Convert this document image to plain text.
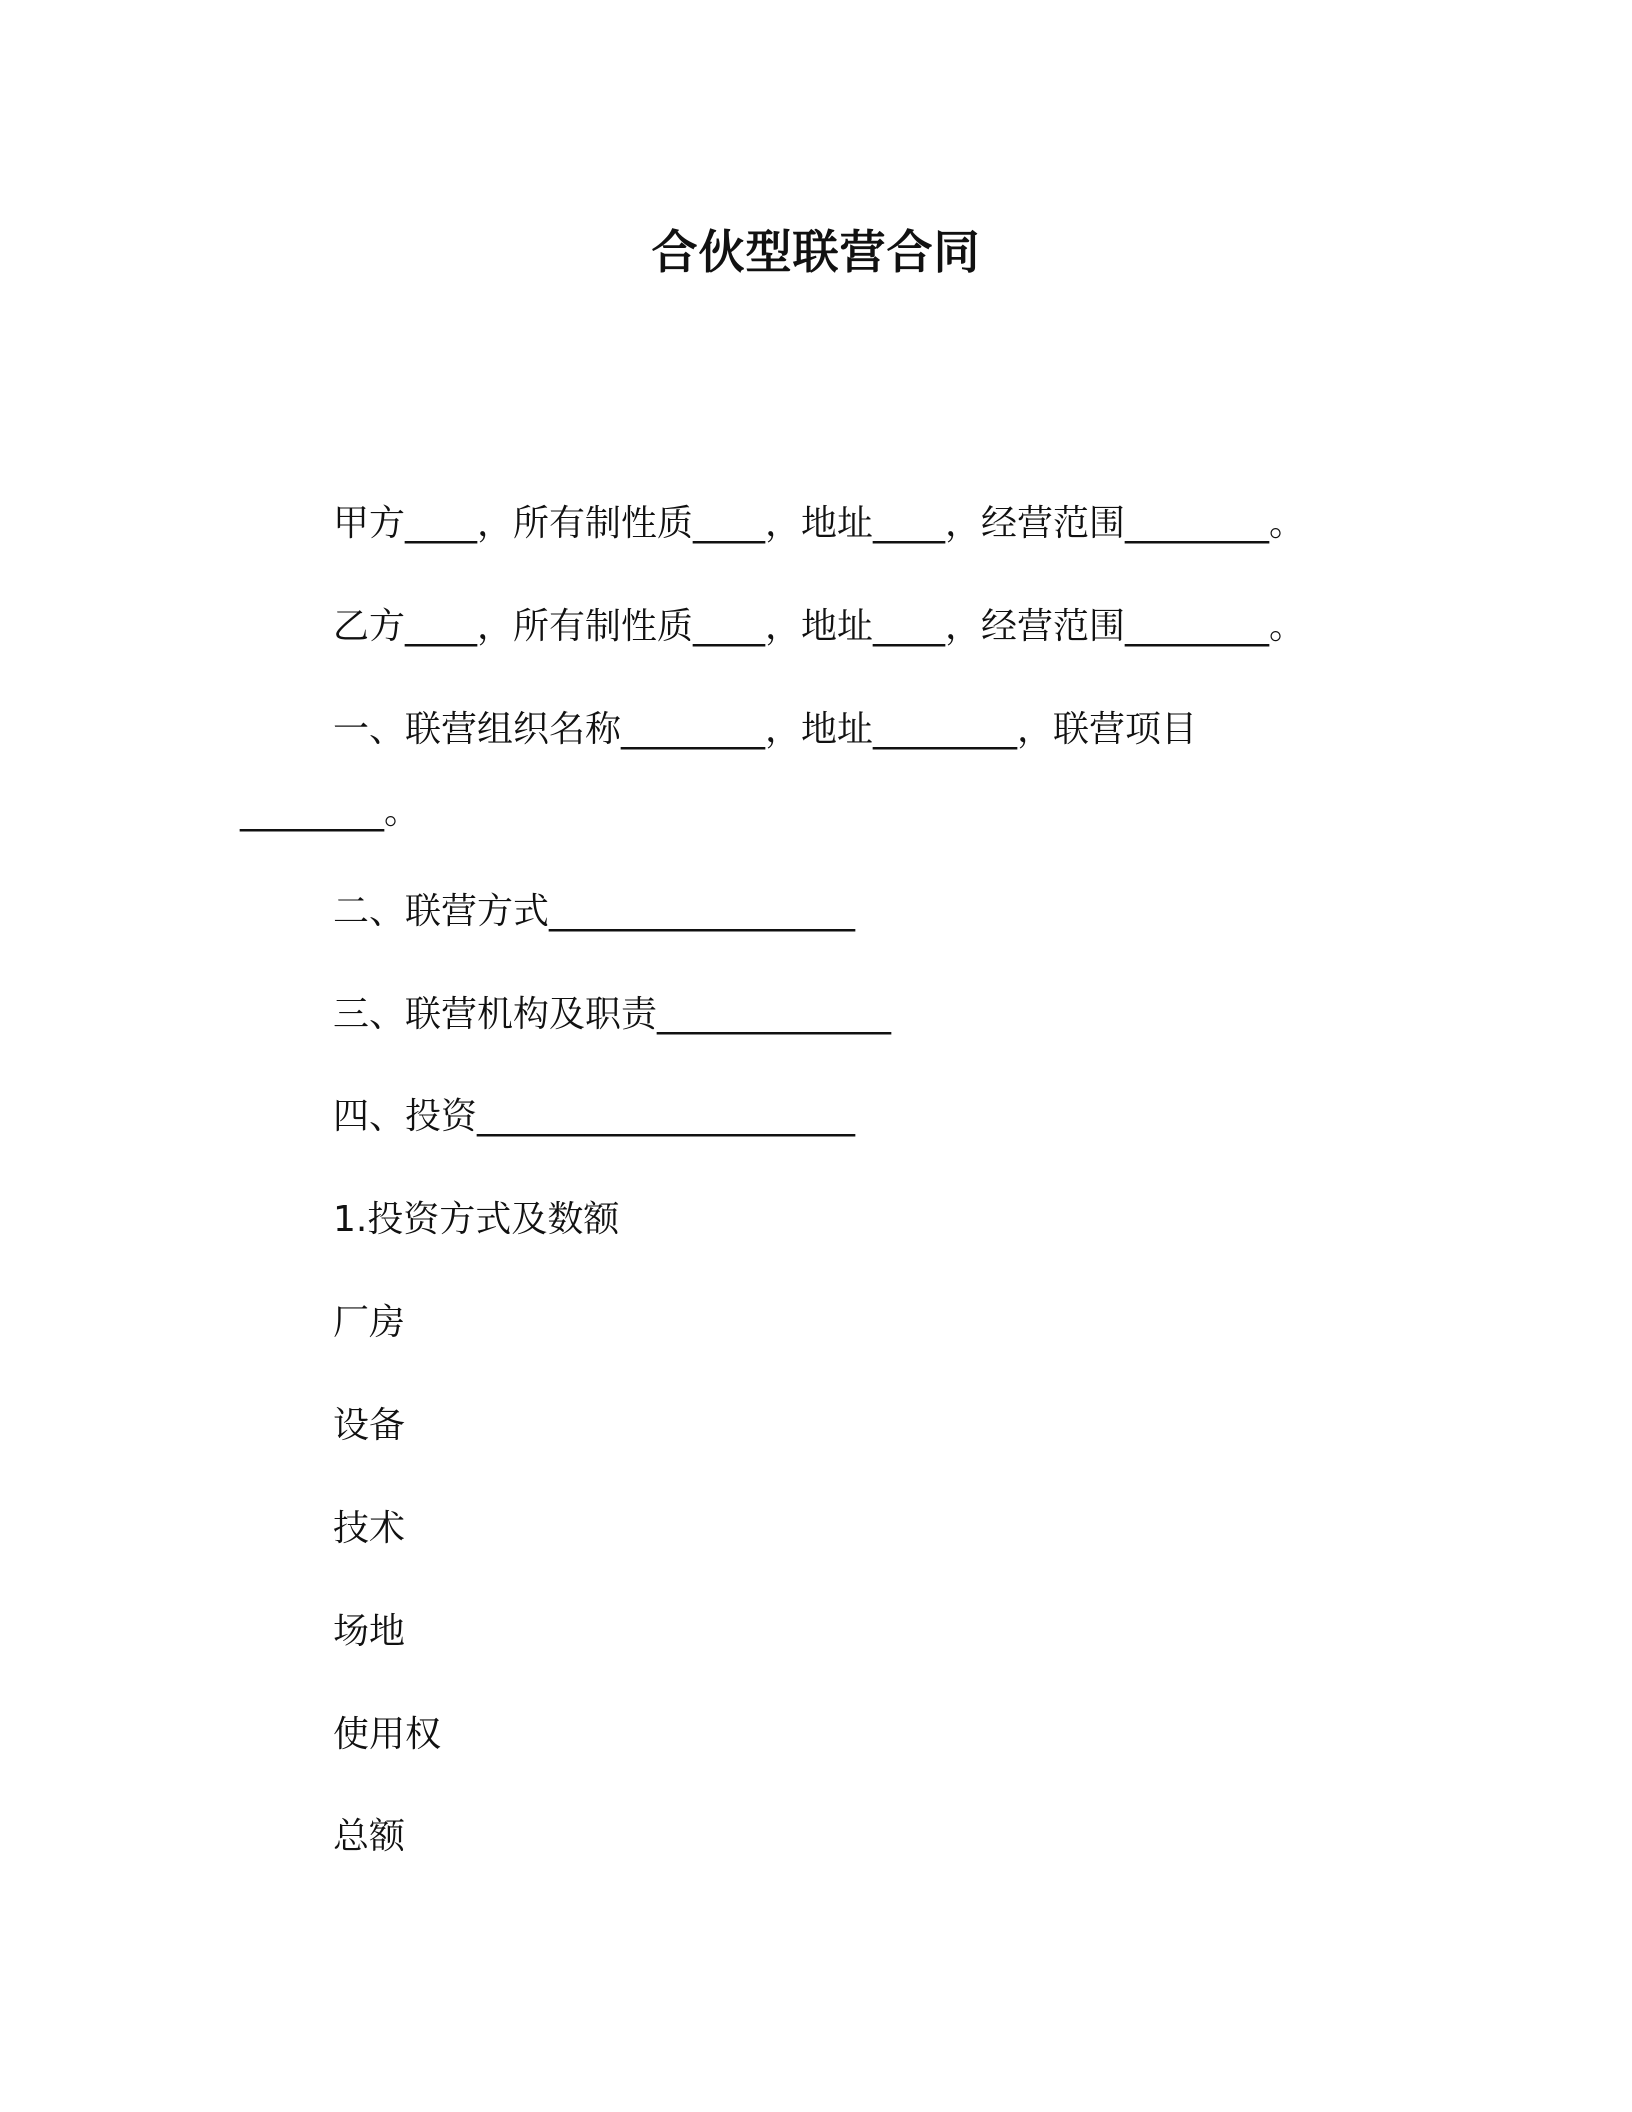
合伙型联营合同
甲方____，所有制性质____，地址____，经营范围________。
乙方____，所有制性质____，地址____，经营范围________。
一、联营组织名称________，地址________，联营项目
________。
二、联营方式_________________
三、联营机构及职责_____________
四、投资_____________________
1.投资方式及数额
厂房
设备
技术
场地
使用权
总额
